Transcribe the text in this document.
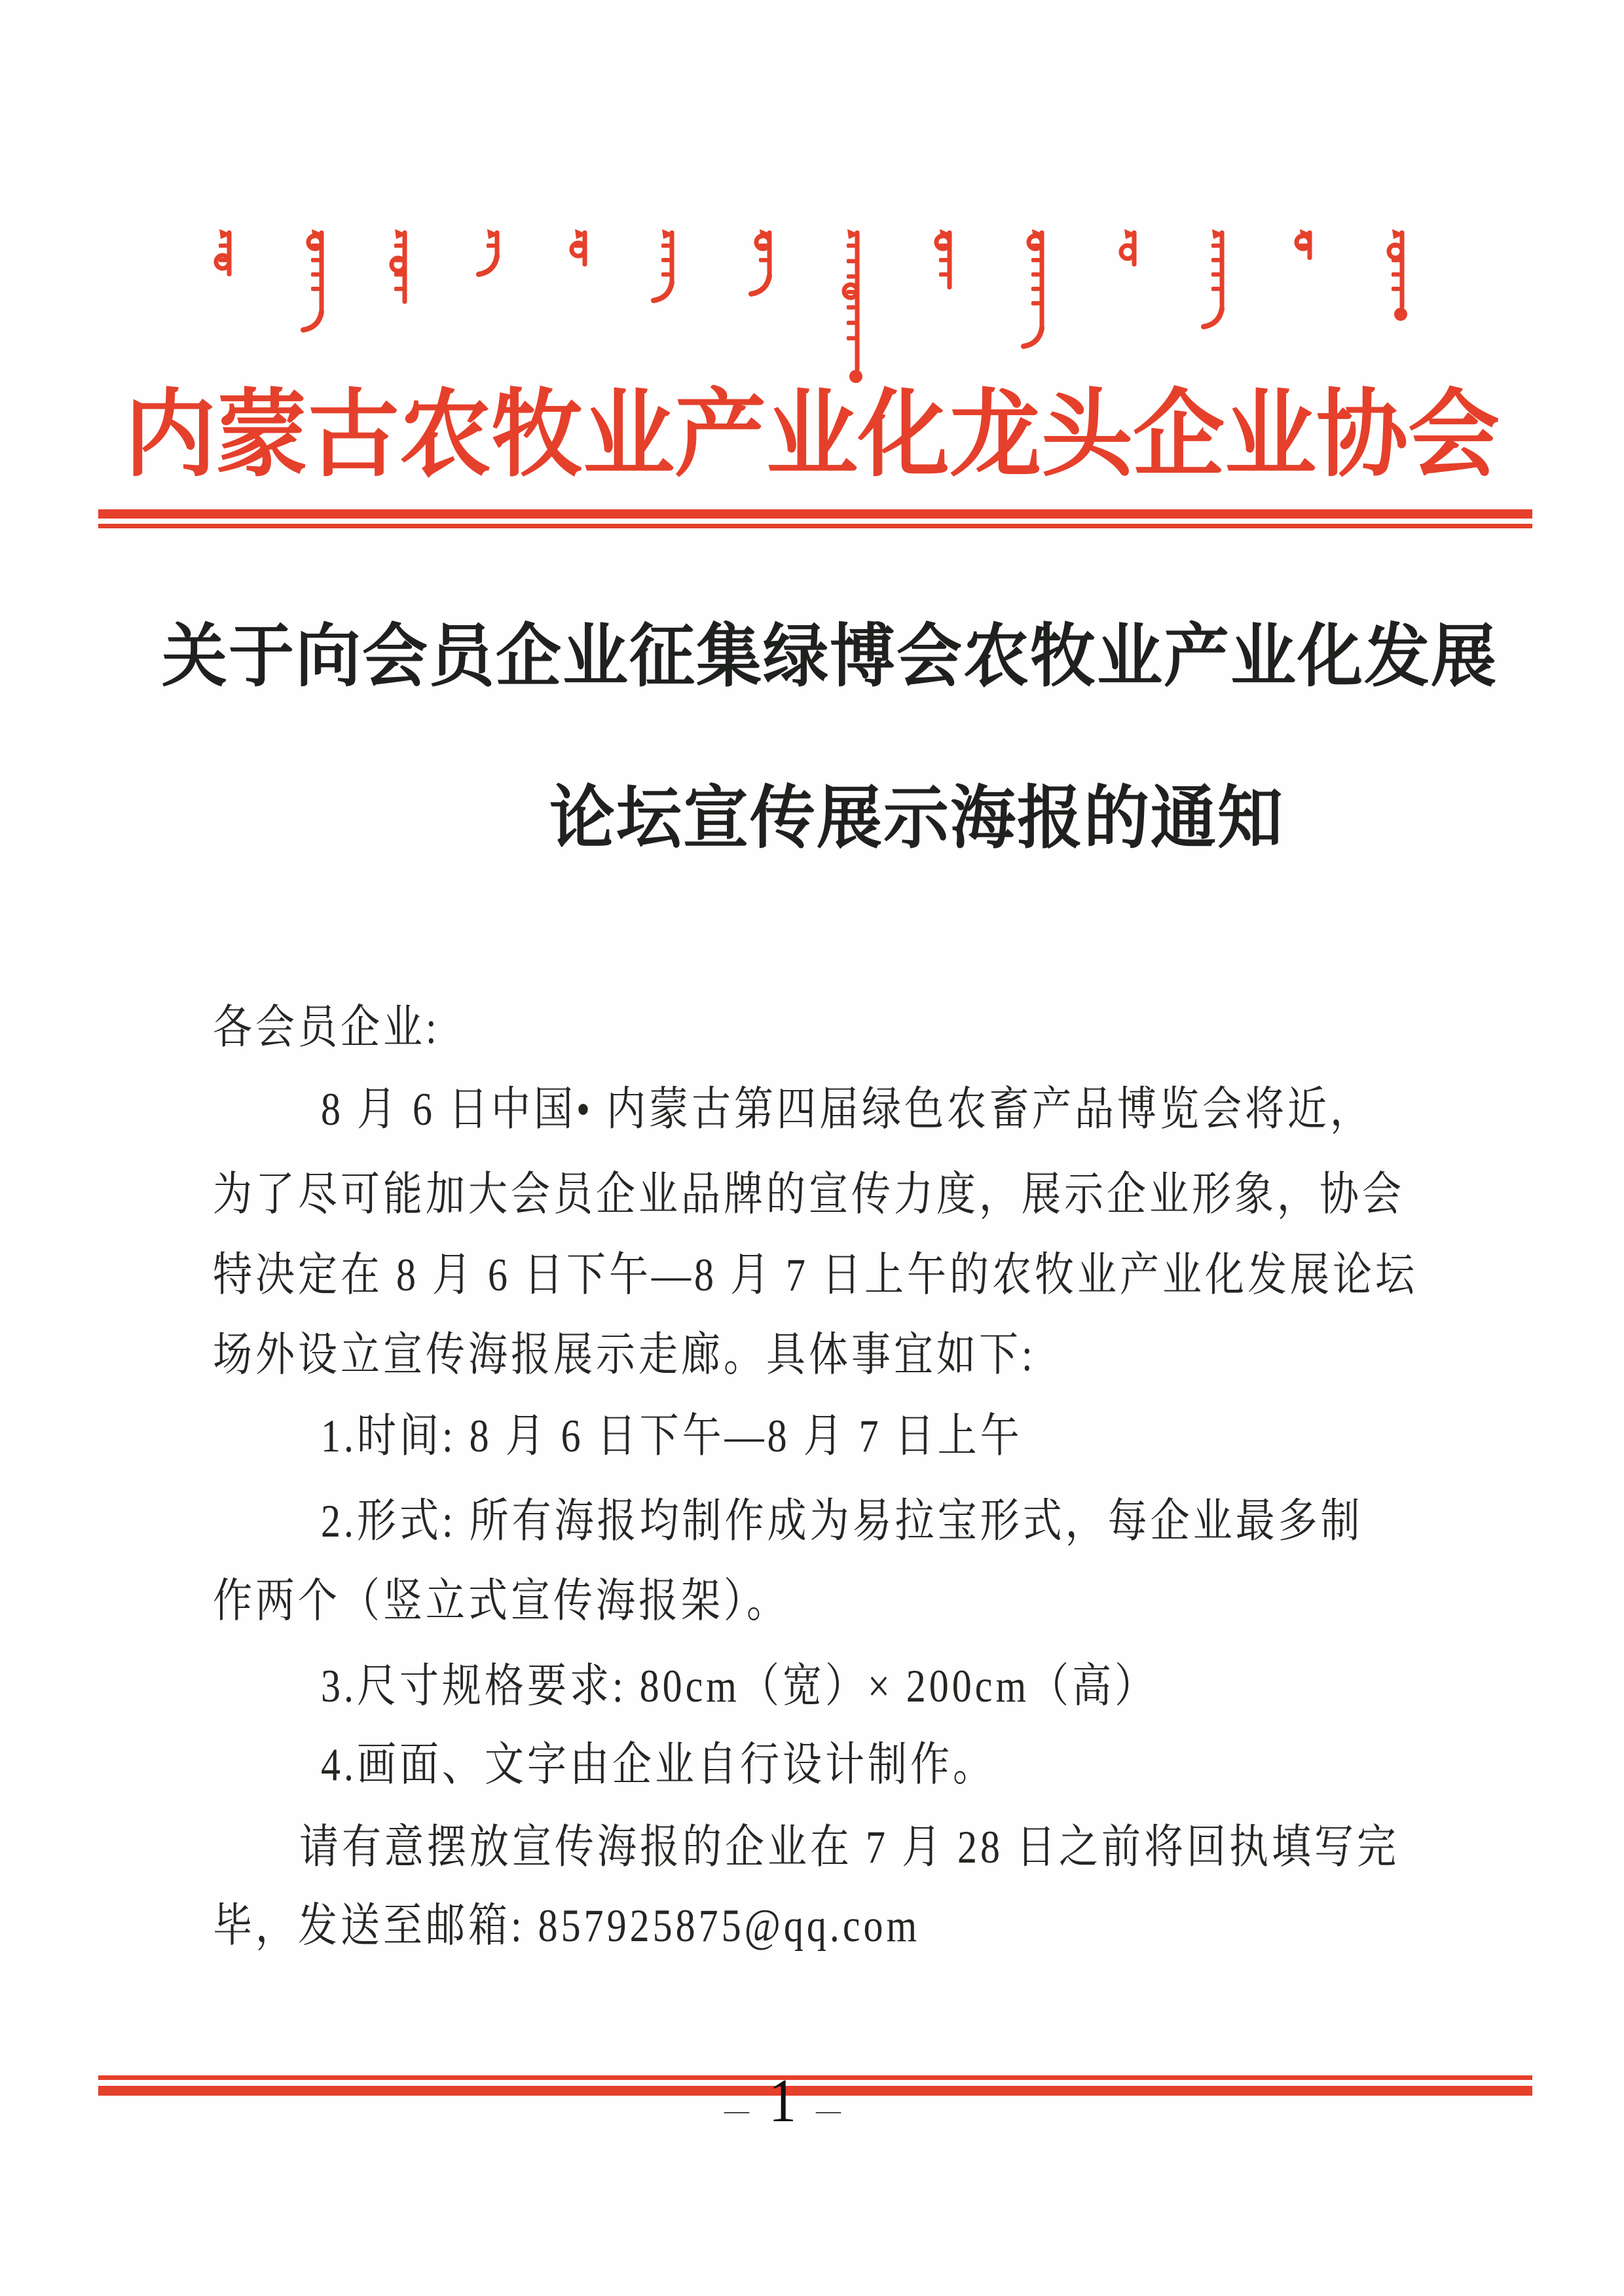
内蒙古农牧业产业化龙头企业协会
关于向会员企业征集绿博会农牧业产业化发展
论坛宣传展示海报的通知
各会员企业:
8 月 6 日中国• 内蒙古第四届绿色农畜产品博览会将近，
为了尽可能加大会员企业品牌的宣传力度，展示企业形象，协会
特决定在 8 月 6 日下午—8 月 7 日上午的农牧业产业化发展论坛
场外设立宣传海报展示走廊。具体事宜如下:
1.时间: 8 月 6 日下午—8 月 7 日上午
2.形式: 所有海报均制作成为易拉宝形式，每企业最多制
作两个（竖立式宣传海报架）。
3.尺寸规格要求: 80cm（宽）× 200cm（高）
4.画面、文字由企业自行设计制作。
请有意摆放宣传海报的企业在 7 月 28 日之前将回执填写完
毕，发送至邮箱: 857925875@qq.com
— 1 —
